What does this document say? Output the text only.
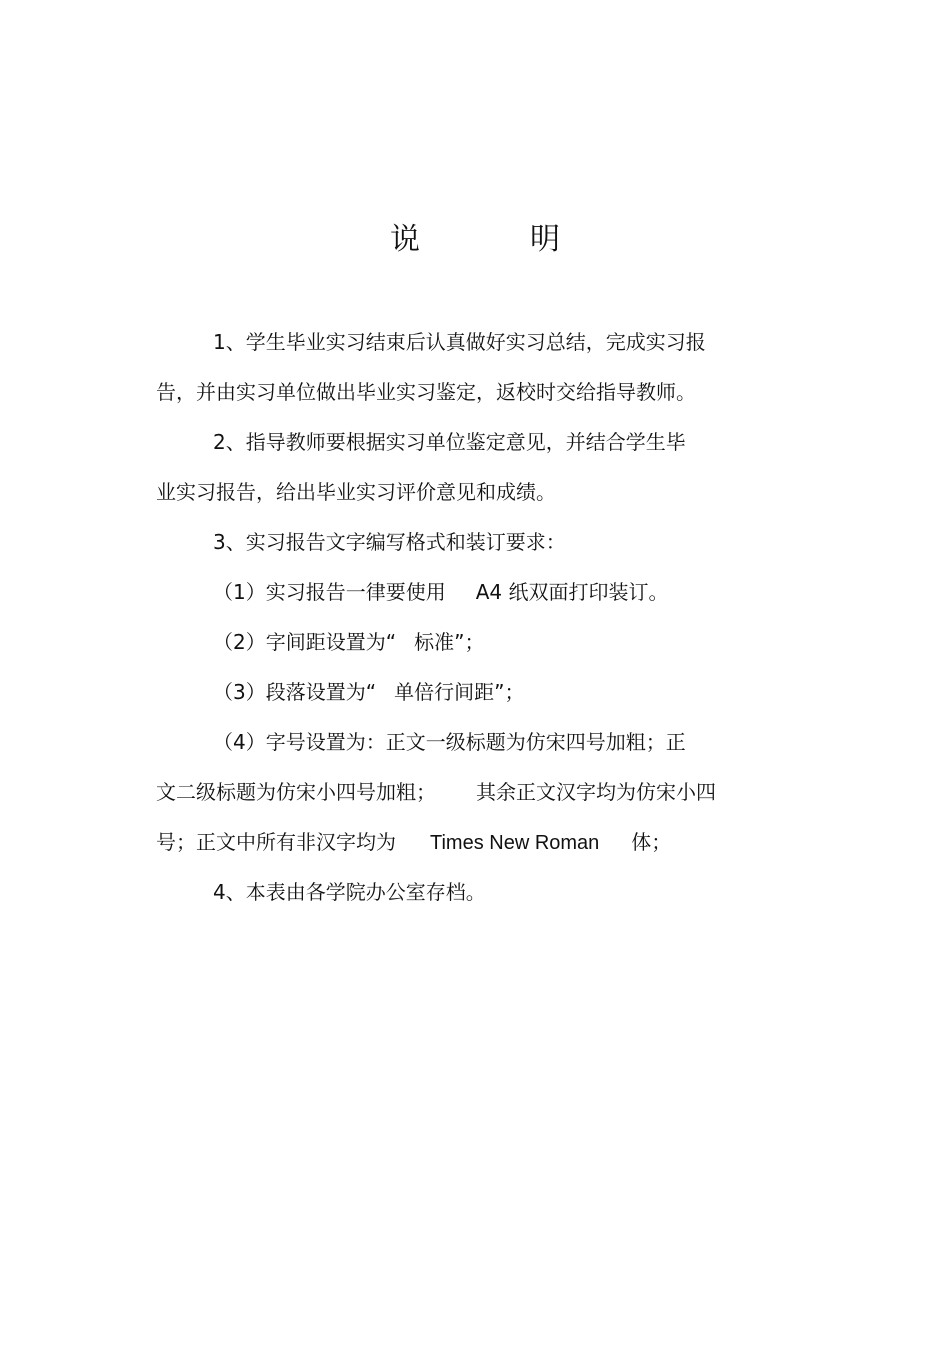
说　明
1、学生毕业实习结束后认真做好实习总结，完成实习报
告，并由实习单位做出毕业实习鉴定，返校时交给指导教师。
2、指导教师要根据实习单位鉴定意见，并结合学生毕
业实习报告，给出毕业实习评价意见和成绩。
3、实习报告文字编写格式和装订要求：
（1）实习报告一律要使用 A4 纸双面打印装订。
（2）字间距设置为“ 标准”；
（3）段落设置为“ 单倍行间距”；
（4）字号设置为：正文一级标题为仿宋四号加粗；正
文二级标题为仿宋小四号加粗； 其余正文汉字均为仿宋小四
号；正文中所有非汉字均为 Times New Roman 体；
4、本表由各学院办公室存档。
